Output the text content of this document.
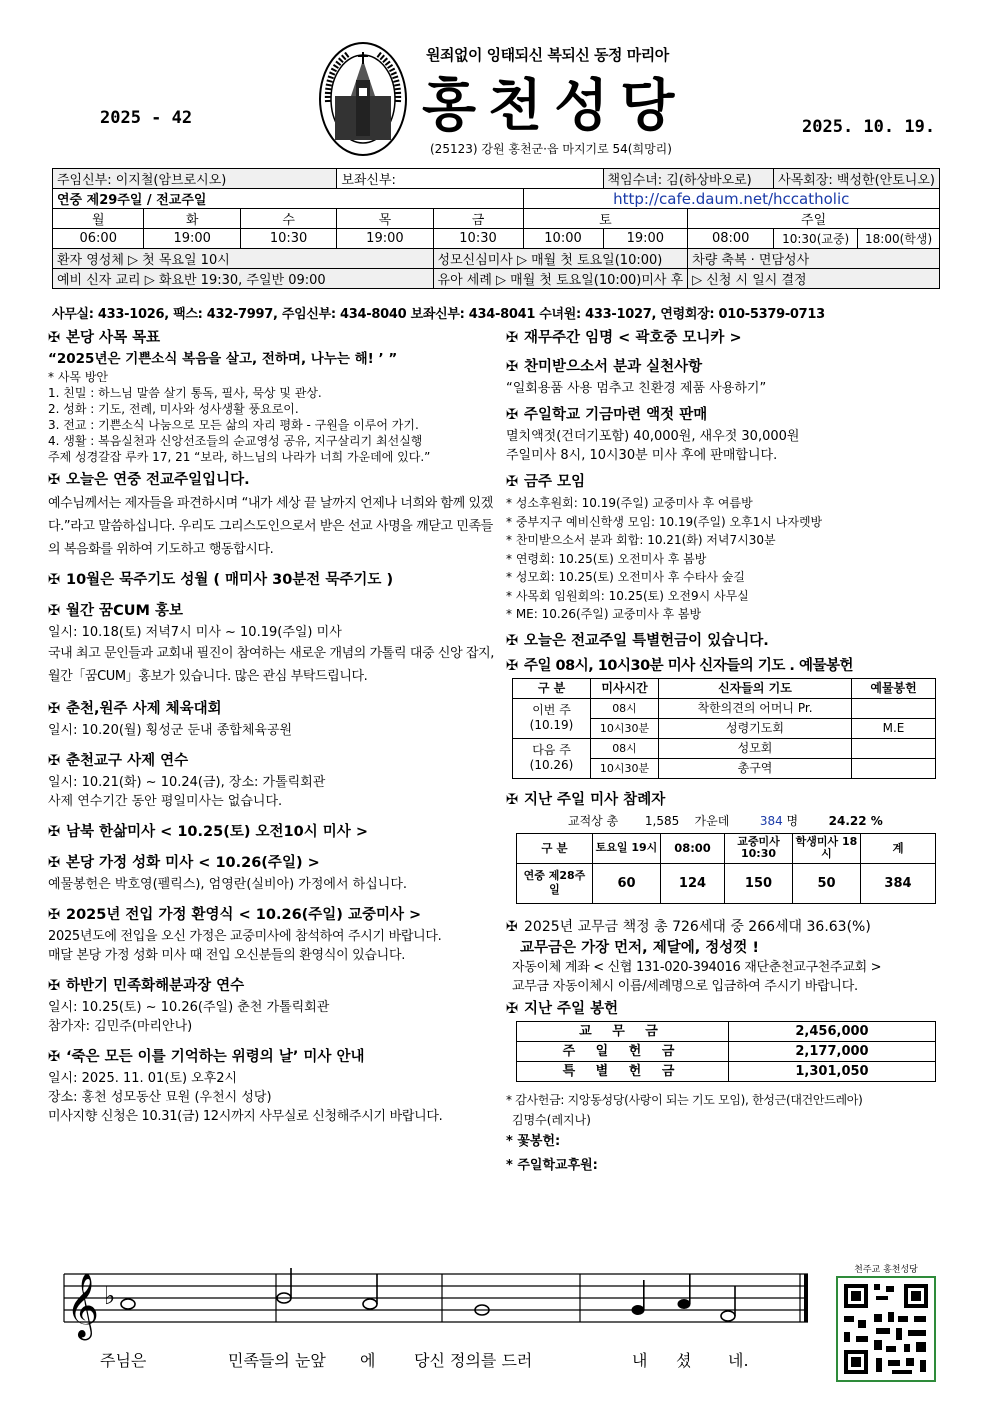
원죄없이 잉태되신 복되신 동정 마리아
홍천성당
2025 - 42	2025. 10. 19.
(25123) 강원 홍천군·읍 마지기로 54(희망리)
주임신부: 이지철(암브로시오)			보좌신부:			책임수녀: 김(하상바오로)		사목회장: 백성한(안토니오)	
연중 제29주일 / 전교주일					http://cafe.daum.net/hccatholic				
월	화	수	목	금	토		주일		
06:00	19:00	10:30	19:00	10:30	10:00	19:00	08:00	10:30(교중)	18:00(학생)
환자 영성체 ▷ 첫 목요일 10시				성모신심미사 ▷ 매월 첫 토요일(10:00)			차량 축복 · 면담성사		
예비 신자 교리 ▷ 화요반 19:30, 주일반 09:00				유아 세례 ▷ 매월 첫 토요일(10:00)미사 후			▷ 신청 시 일시 결정		
사무실: 433-1026, 팩스: 432-7997, 주임신부: 434-8040 보좌신부: 434-8041 수녀원: 433-1027, 연령회장: 010-5379-0713
✠ 본당 사목 목표

“2025년은 기쁜소식 복음을 살고, 전하며, 나누는 해! ’ ”

* 사목 방안

1. 친밀 : 하느님 말씀 살기 통독, 필사, 묵상 및 관상.

2. 성화 : 기도, 전례, 미사와 성사생활 풍요로이.

3. 전교 : 기쁜소식 나눔으로 모든 삶의 자리 평화 - 구원을 이루어 가기.

4. 생활 : 복음실천과 신앙선조들의 순교영성 공유, 지구살리기 최선실행

주제 성경갈잡 루카 17, 21 “보라, 하느님의 나라가 너희 가운데에 있다.”

✠ 오늘은 연중 전교주일입니다.

예수님께서는 제자들을 파견하시며 “내가 세상 끝 날까지 언제나 너희와 함께 있겠다.”라고 말씀하십니다. 우리도 그리스도인으로서 받은 선교 사명을 깨닫고 민족들의 복음화를 위하여 기도하고 행동합시다.

✠ 10월은 묵주기도 성월 ( 매미사 30분전 묵주기도 )
✠ 월간 꿈CUM 홍보

일시: 10.18(토) 저녁7시 미사 ~ 10.19(주일) 미사

국내 최고 문인들과 교회내 필진이 참여하는 새로운 개념의 가톨릭 대중 신앙 잡지, 월간「꿈CUM」홍보가 있습니다. 많은 관심 부탁드립니다.

✠ 춘천,원주 사제 체육대회

일시: 10.20(월) 횡성군 둔내 종합체육공원

✠ 춘천교구 사제 연수

일시: 10.21(화) ~ 10.24(금), 장소: 가톨릭회관

사제 연수기간 동안 평일미사는 없습니다.

✠ 남북 한삶미사 < 10.25(토) 오전10시 미사 >
✠ 본당 가정 성화 미사 < 10.26(주일) >

예물봉헌은 박호영(펠릭스), 엄영란(실비아) 가정에서 하십니다.

✠ 2025년 전입 가정 환영식 < 10.26(주일) 교중미사 >

2025년도에 전입을 오신 가정은 교중미사에 참석하여 주시기 바랍니다.

매달 본당 가정 성화 미사 때 전입 오신분들의 환영식이 있습니다.

✠ 하반기 민족화해분과장 연수

일시: 10.25(토) ~ 10.26(주일) 춘천 가톨릭회관

참가자: 김민주(마리안나)

✠ ‘죽은 모든 이를 기억하는 위령의 날’ 미사 안내

일시: 2025. 11. 01(토) 오후2시

장소: 홍천 성모동산 묘원 (우천시 성당)

미사지향 신청은 10.31(금) 12시까지 사무실로 신청해주시기 바랍니다.

✠ 재무주간 임명 < 곽호중 모니카 >
✠ 찬미받으소서 분과 실천사항

“일회용품 사용 멈추고 친환경 제품 사용하기”

✠ 주일학교 기금마련 액젓 판매

멸치액젓(건더기포함) 40,000원, 새우젓 30,000원

주일미사 8시, 10시30분 미사 후에 판매합니다.

✠ 금주 모임

* 성소후원회: 10.19(주일) 교중미사 후 여름방

* 중부지구 예비신학생 모임: 10.19(주일) 오후1시 나자렛방

* 찬미받으소서 분과 회합: 10.21(화) 저녁7시30분

* 연령회: 10.25(토) 오전미사 후 봄방

* 성모회: 10.25(토) 오전미사 후 수타사 숲길

* 사목회 임원회의: 10.25(토) 오전9시 사무실

* ME: 10.26(주일) 교중미사 후 봄방

✠ 오늘은 전교주일 특별헌금이 있습니다.
✠ 주일 08시, 10시30분 미사 신자들의 기도 . 예물봉헌
구 분	미사시간	신자들의 기도	예물봉헌
이번 주
(10.19)	08시	착한의견의 어머니 Pr.	
	10시30분	성령기도회	M.E
다음 주
(10.26)	08시	성모회	
	10시30분	총구역	
✠ 지난 주일 미사 참례자

교적상 총 1,585 가운데	384 명	24.22 %

구 분	토요일 19시	08:00	교중미사 10:30	학생미사 18시	계
연중 제28주일	60	124	150	50	384
✠ 2025년 교무금 책정 총 726세대 중 266세대 36.63(%)

교무금은 가장 먼저, 제달에, 정성껏 !

자동이체 계좌 < 신협 131-020-394016 재단춘천교구천주교회 >

교무금 자동이체시 이름/세례명으로 입금하여 주시기 바랍니다.

✠ 지난 주일 봉헌
교 무 금	2,456,000
주 일 헌 금	2,177,000
특 별 헌 금	1,301,050

* 감사헌금: 지앙동성당(사랑이 되는 기도 모임), 한성근(대건안드레아)

김명수(레지나)

* 꽃봉헌:

* 주일학교후원:

𝄞 ♭
주님은	민족들의 눈앞 에 당신 정의를 드러	내 셨 네.
천주교 홍천성당
